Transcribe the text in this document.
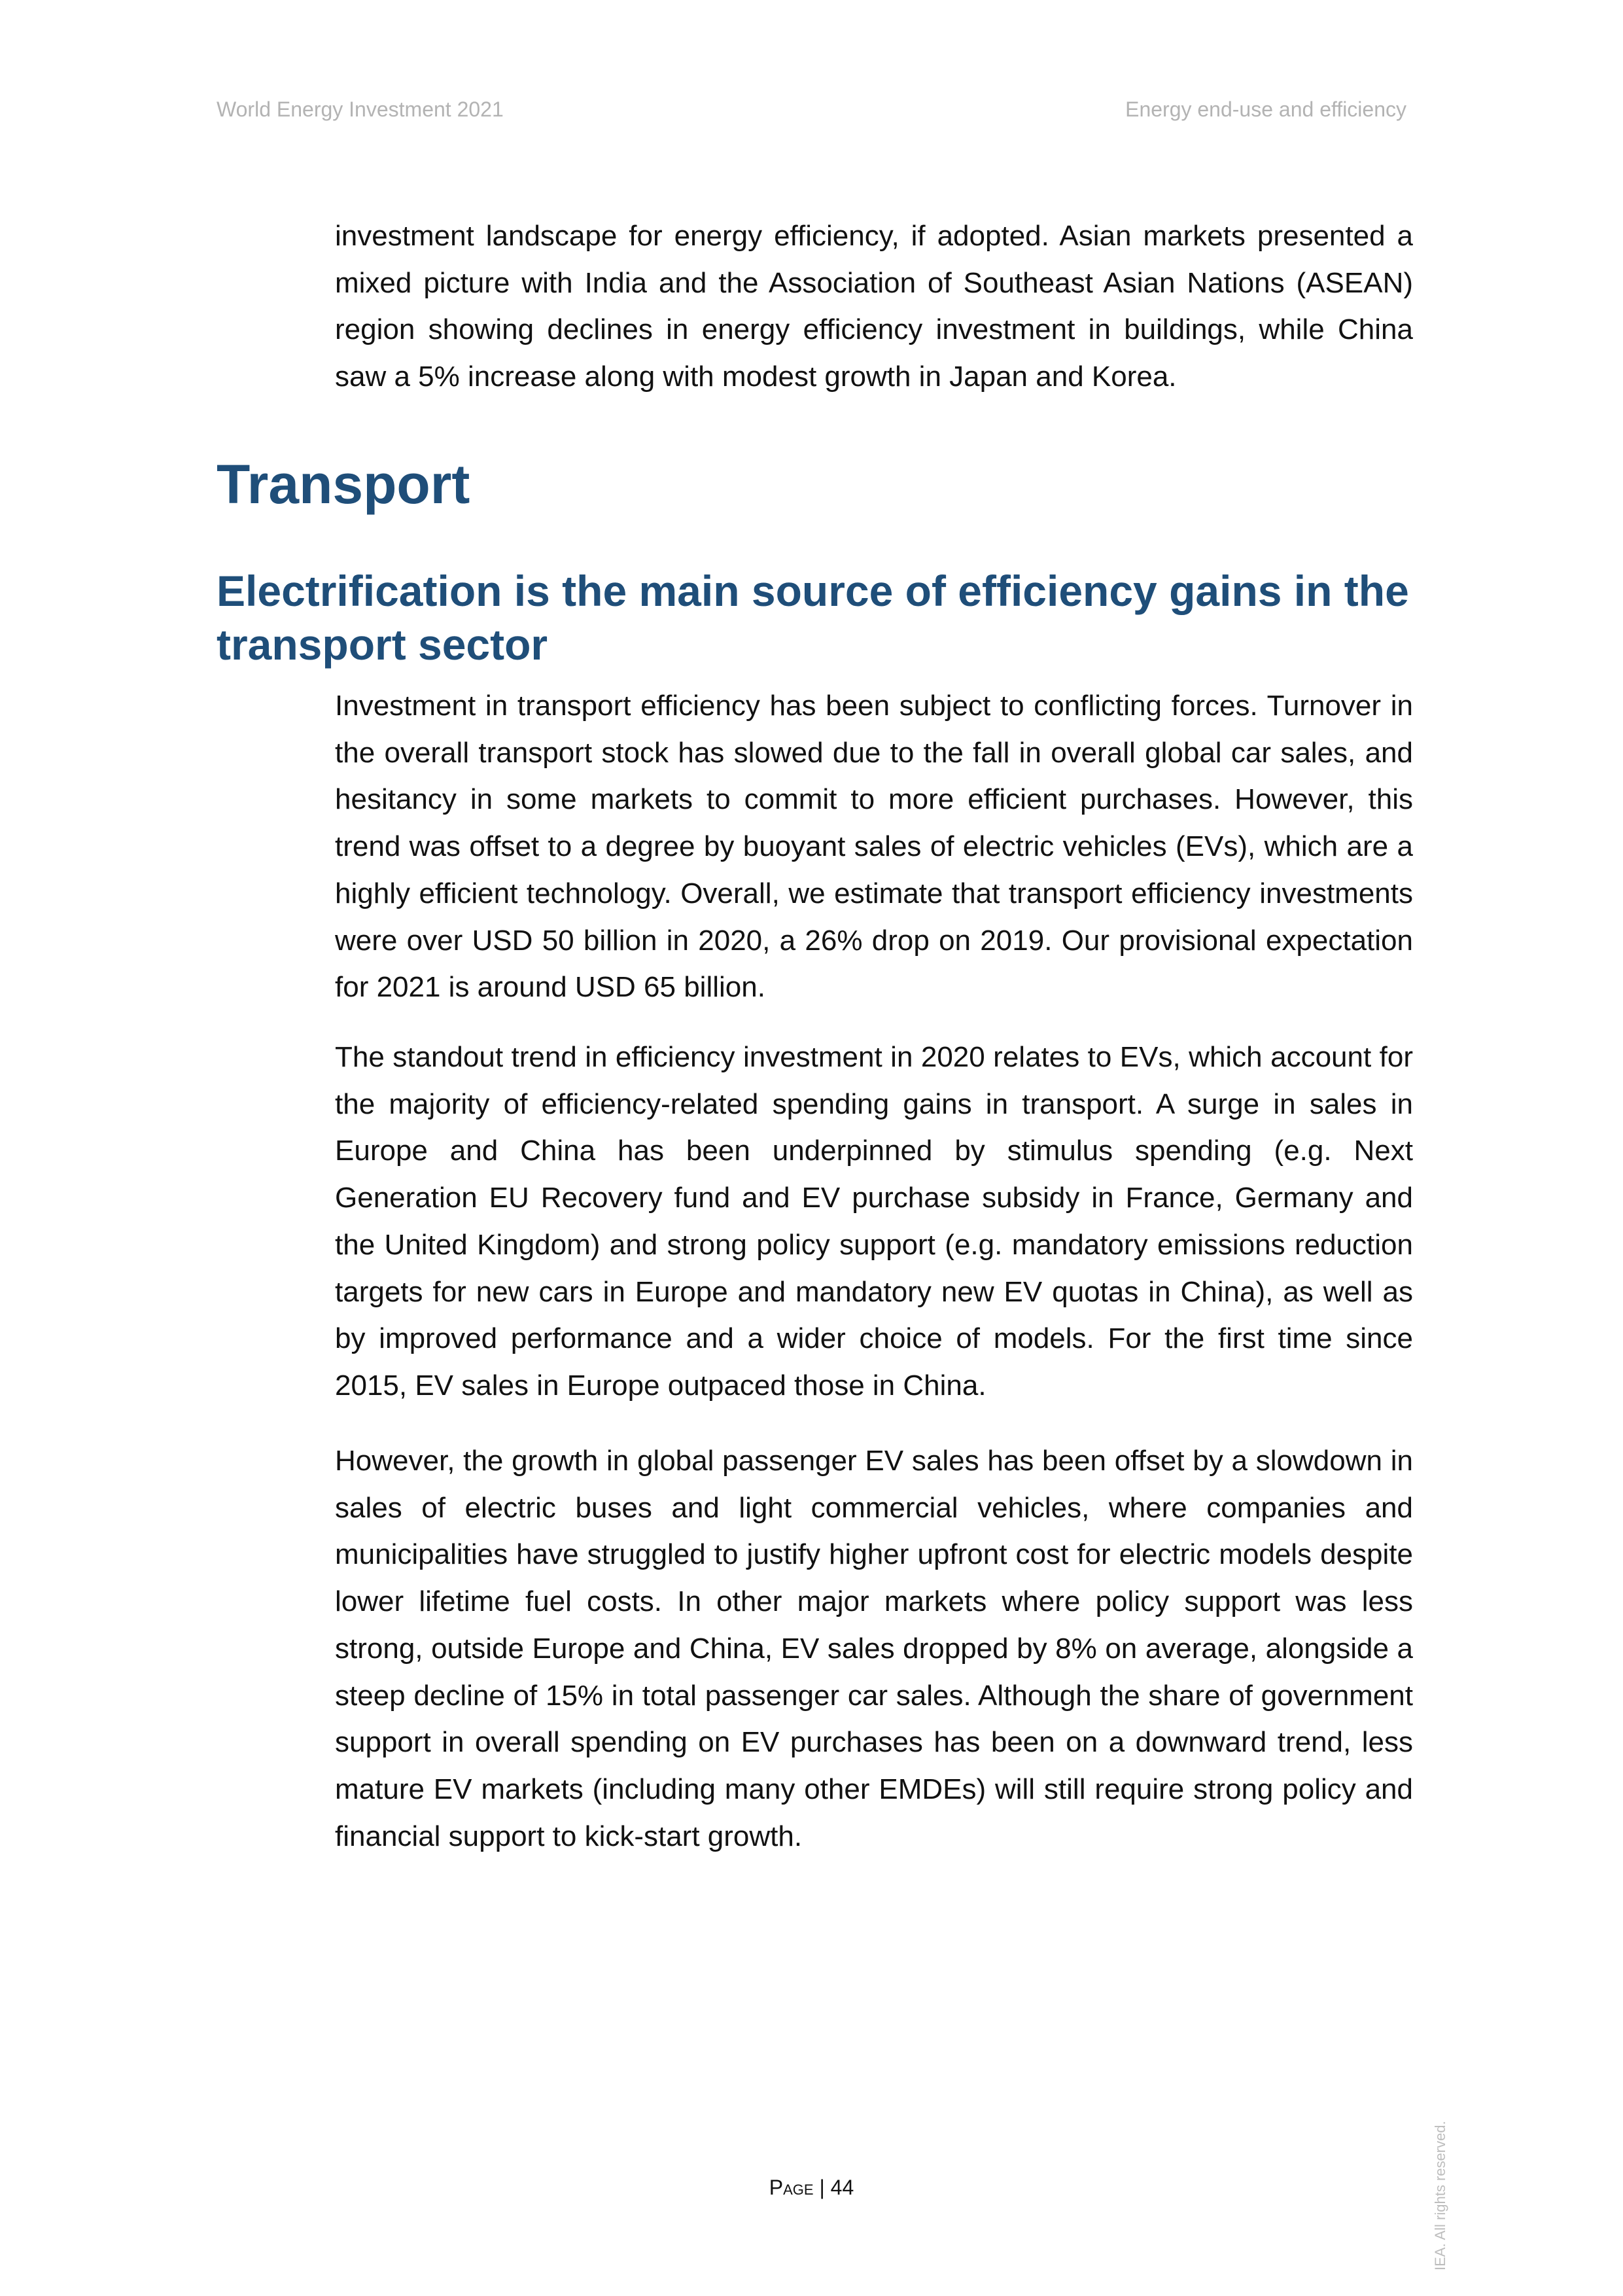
World Energy Investment 2021	Energy end-use and efficiency

investment landscape for energy efficiency, if adopted. Asian markets presented a mixed picture with India and the Association of Southeast Asian Nations (ASEAN) region showing declines in energy efficiency investment in buildings, while China saw a 5% increase along with modest growth in Japan and Korea.

Transport
Electrification is the main source of efficiency gains in the transport sector

Investment in transport efficiency has been subject to conflicting forces. Turnover in the overall transport stock has slowed due to the fall in overall global car sales, and hesitancy in some markets to commit to more efficient purchases. However, this trend was offset to a degree by buoyant sales of electric vehicles (EVs), which are a highly efficient technology. Overall, we estimate that transport efficiency investments were over USD 50 billion in 2020, a 26% drop on 2019. Our provisional expectation for 2021 is around USD 65 billion.

The standout trend in efficiency investment in 2020 relates to EVs, which account for the majority of efficiency-related spending gains in transport. A surge in sales in Europe and China has been underpinned by stimulus spending (e.g. Next Generation EU Recovery fund and EV purchase subsidy in France, Germany and the United Kingdom) and strong policy support (e.g. mandatory emissions reduction targets for new cars in Europe and mandatory new EV quotas in China), as well as by improved performance and a wider choice of models. For the first time since 2015, EV sales in Europe outpaced those in China.

However, the growth in global passenger EV sales has been offset by a slowdown in sales of electric buses and light commercial vehicles, where companies and municipalities have struggled to justify higher upfront cost for electric models despite lower lifetime fuel costs. In other major markets where policy support was less strong, outside Europe and China, EV sales dropped by 8% on average, alongside a steep decline of 15% in total passenger car sales. Although the share of government support in overall spending on EV purchases has been on a downward trend, less mature EV markets (including many other EMDEs) will still require strong policy and financial support to kick-start growth.

Page | 44	IEA. All rights reserved.
